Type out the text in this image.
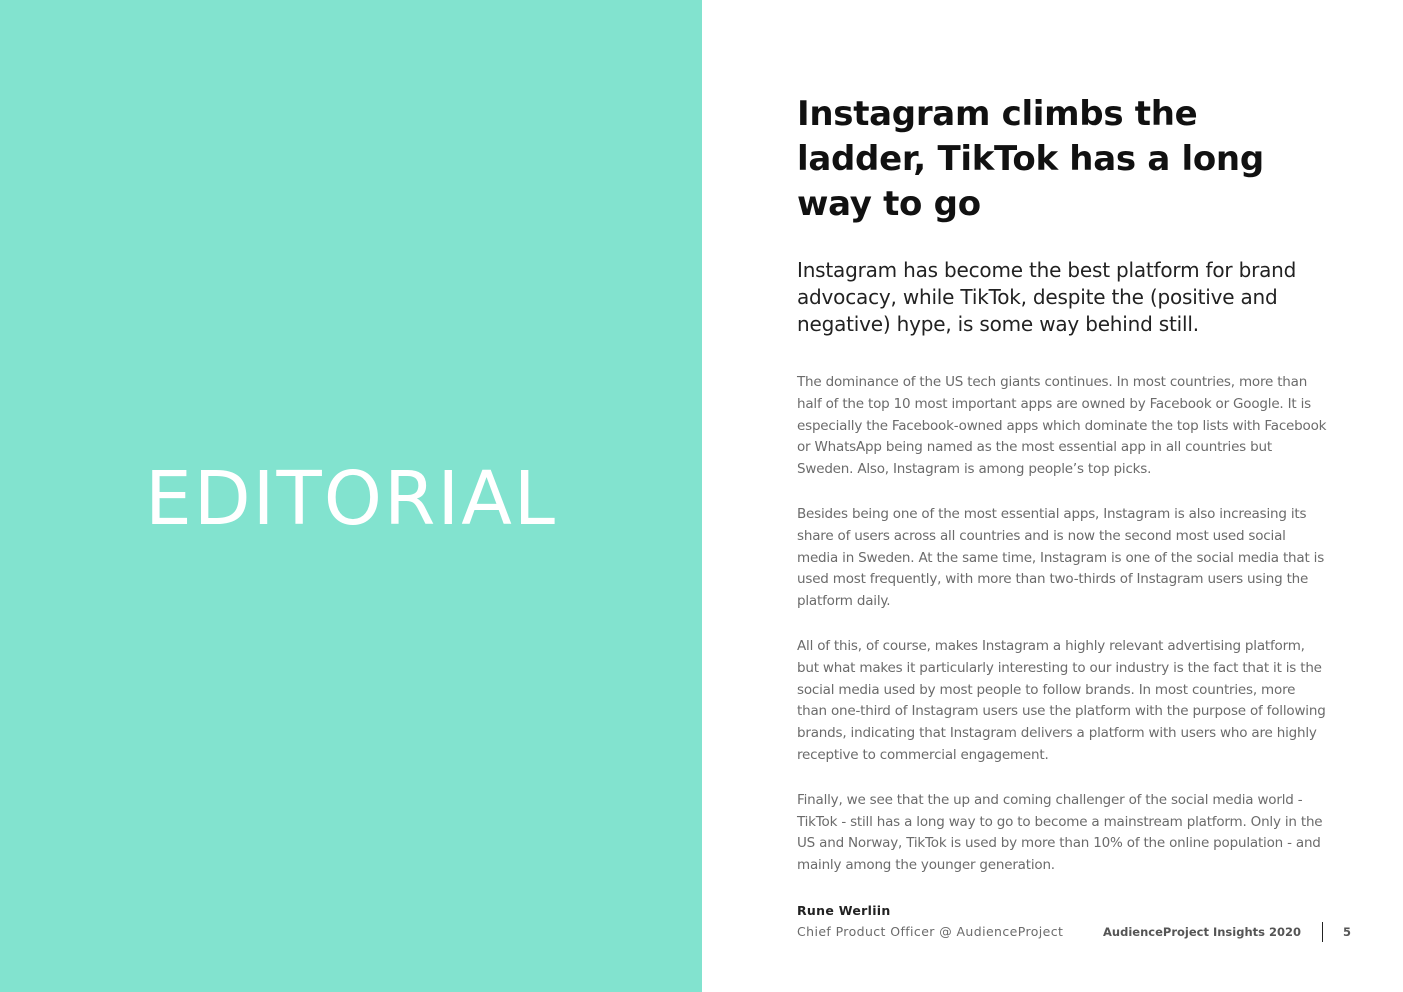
EDITORIAL
Instagram climbs the ladder, TikTok has a long way to go

Instagram has become the best platform for brand advocacy, while TikTok, despite the (positive and negative) hype, is some way behind still.

The dominance of the US tech giants continues. In most countries, more than half of the top 10 most important apps are owned by Facebook or Google. It is especially the Facebook-owned apps which dominate the top lists with Facebook or WhatsApp being named as the most essential app in all countries but Sweden. Also, Instagram is among people’s top picks.

Besides being one of the most essential apps, Instagram is also increasing its share of users across all countries and is now the second most used social media in Sweden. At the same time, Instagram is one of the social media that is used most frequently, with more than two-thirds of Instagram users using the platform daily.

All of this, of course, makes Instagram a highly relevant advertising platform, but what makes it particularly interesting to our industry is the fact that it is the social media used by most people to follow brands. In most countries, more than one-third of Instagram users use the platform with the purpose of following brands, indicating that Instagram delivers a platform with users who are highly receptive to commercial engagement.

Finally, we see that the up and coming challenger of the social media world - TikTok - still has a long way to go to become a mainstream platform. Only in the US and Norway, TikTok is used by more than 10% of the online population - and mainly among the younger generation.

Rune Werliin

Chief Product Officer @ AudienceProject	AudienceProject Insights 2020	5
